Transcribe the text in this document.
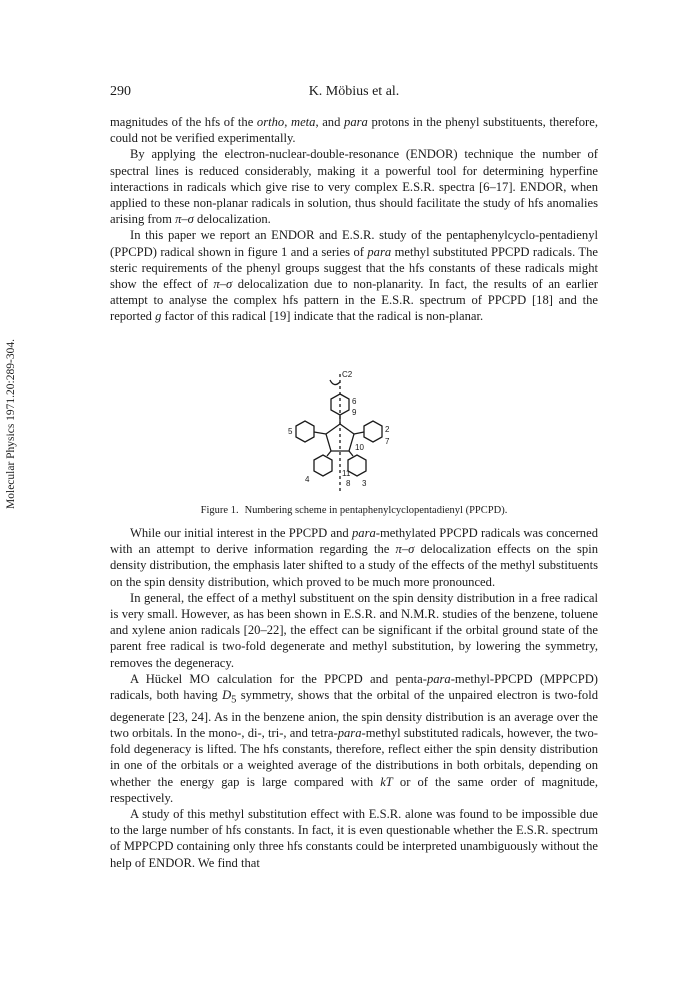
290	K. Möbius et al.
Molecular Physics 1971.20:289-304.

magnitudes of the hfs of the ortho, meta, and para protons in the phenyl substituents, therefore, could not be verified experimentally.

By applying the electron-nuclear-double-resonance (ENDOR) technique the number of spectral lines is reduced considerably, making it a powerful tool for determining hyperfine interactions in radicals which give rise to very complex E.S.R. spectra [6–17]. ENDOR, when applied to these non-planar radicals in solution, thus should facilitate the study of hfs anomalies arising from π–σ delocalization.

In this paper we report an ENDOR and E.S.R. study of the pentaphenylcyclo-pentadienyl (PPCPD) radical shown in figure 1 and a series of para methyl substituted PPCPD radicals. The steric requirements of the phenyl groups suggest that the hfs constants of these radicals might show the effect of π–σ delocalization due to non-planarity. In fact, the results of an earlier attempt to analyse the complex hfs pattern in the E.S.R. spectrum of PPCPD [18] and the reported g factor of this radical [19] indicate that the radical is non-planar.

C2
6
9
5	2
10
7
4
11
8 3
Figure 1. Numbering scheme in pentaphenylcyclopentadienyl (PPCPD).

While our initial interest in the PPCPD and para-methylated PPCPD radicals was concerned with an attempt to derive information regarding the π–σ delocalization effects on the spin density distribution, the emphasis later shifted to a study of the effects of the methyl substituents on the spin density distribution, which proved to be much more pronounced.

In general, the effect of a methyl substituent on the spin density distribution in a free radical is very small. However, as has been shown in E.S.R. and N.M.R. studies of the benzene, toluene and xylene anion radicals [20–22], the effect can be significant if the orbital ground state of the parent free radical is two-fold degenerate and methyl substitution, by lowering the symmetry, removes the degeneracy.

A Hückel MO calculation for the PPCPD and penta-para-methyl-PPCPD (MPPCPD) radicals, both having $D_5$ symmetry, shows that the orbital of the unpaired electron is two-fold degenerate [23, 24]. As in the benzene anion, the spin density distribution is an average over the two orbitals. In the mono-, di-, tri-, and tetra-para-methyl substituted radicals, however, the two-fold degeneracy is lifted. The hfs constants, therefore, reflect either the spin density distribution in one of the orbitals or a weighted average of the distributions in both orbitals, depending on whether the energy gap is large compared with kT or of the same order of magnitude, respectively.

A study of this methyl substitution effect with E.S.R. alone was found to be impossible due to the large number of hfs constants. In fact, it is even questionable whether the E.S.R. spectrum of MPPCPD containing only three hfs constants could be interpreted unambiguously without the help of ENDOR. We find that
